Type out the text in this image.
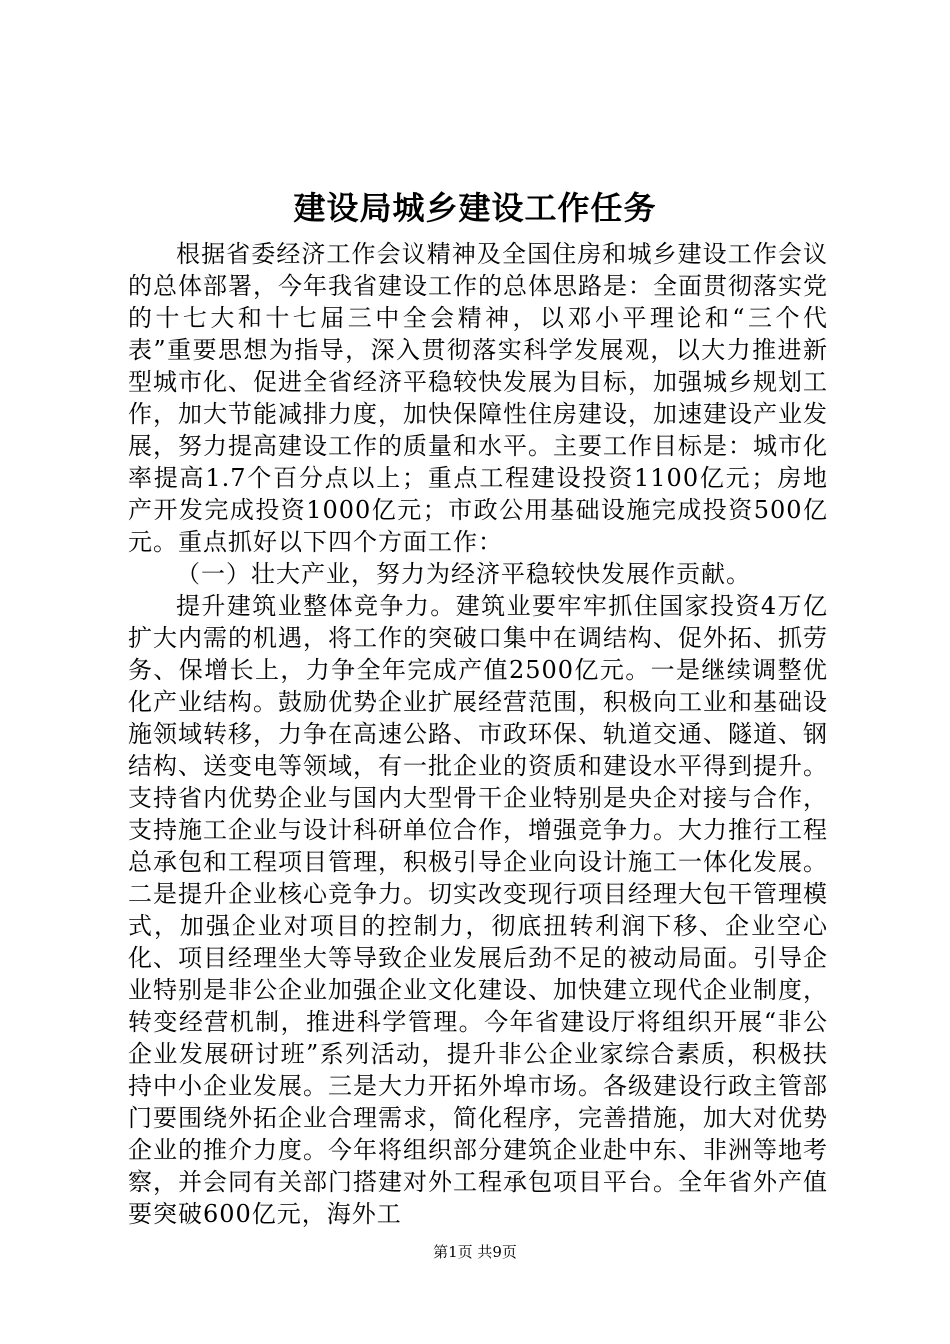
建设局城乡建设工作任务

根据省委经济工作会议精神及全国住房和城乡建设工作会议的总体部署，今年我省建设工作的总体思路是：全面贯彻落实党的十七大和十七届三中全会精神，以邓小平理论和“三个代表”重要思想为指导，深入贯彻落实科学发展观，以大力推进新型城市化、促进全省经济平稳较快发展为目标，加强城乡规划工作，加大节能减排力度，加快保障性住房建设，加速建设产业发展，努力提高建设工作的质量和水平。主要工作目标是：城市化率提高1.7个百分点以上；重点工程建设投资1100亿元；房地产开发完成投资1000亿元；市政公用基础设施完成投资500亿元。重点抓好以下四个方面工作：

（一）壮大产业，努力为经济平稳较快发展作贡献。

提升建筑业整体竞争力。建筑业要牢牢抓住国家投资4万亿扩大内需的机遇，将工作的突破口集中在调结构、促外拓、抓劳务、保增长上，力争全年完成产值2500亿元。一是继续调整优化产业结构。鼓励优势企业扩展经营范围，积极向工业和基础设施领域转移，力争在高速公路、市政环保、轨道交通、隧道、钢结构、送变电等领域，有一批企业的资质和建设水平得到提升。支持省内优势企业与国内大型骨干企业特别是央企对接与合作，支持施工企业与设计科研单位合作，增强竞争力。大力推行工程总承包和工程项目管理，积极引导企业向设计施工一体化发展。二是提升企业核心竞争力。切实改变现行项目经理大包干管理模式，加强企业对项目的控制力，彻底扭转利润下移、企业空心化、项目经理坐大等导致企业发展后劲不足的被动局面。引导企业特别是非公企业加强企业文化建设、加快建立现代企业制度，转变经营机制，推进科学管理。今年省建设厅将组织开展“非公企业发展研讨班”系列活动，提升非公企业家综合素质，积极扶持中小企业发展。三是大力开拓外埠市场。各级建设行政主管部门要围绕外拓企业合理需求，简化程序，完善措施，加大对优势企业的推介力度。今年将组织部分建筑企业赴中东、非洲等地考察，并会同有关部门搭建对外工程承包项目平台。全年省外产值要突破600亿元，海外工

第1页 共9页
